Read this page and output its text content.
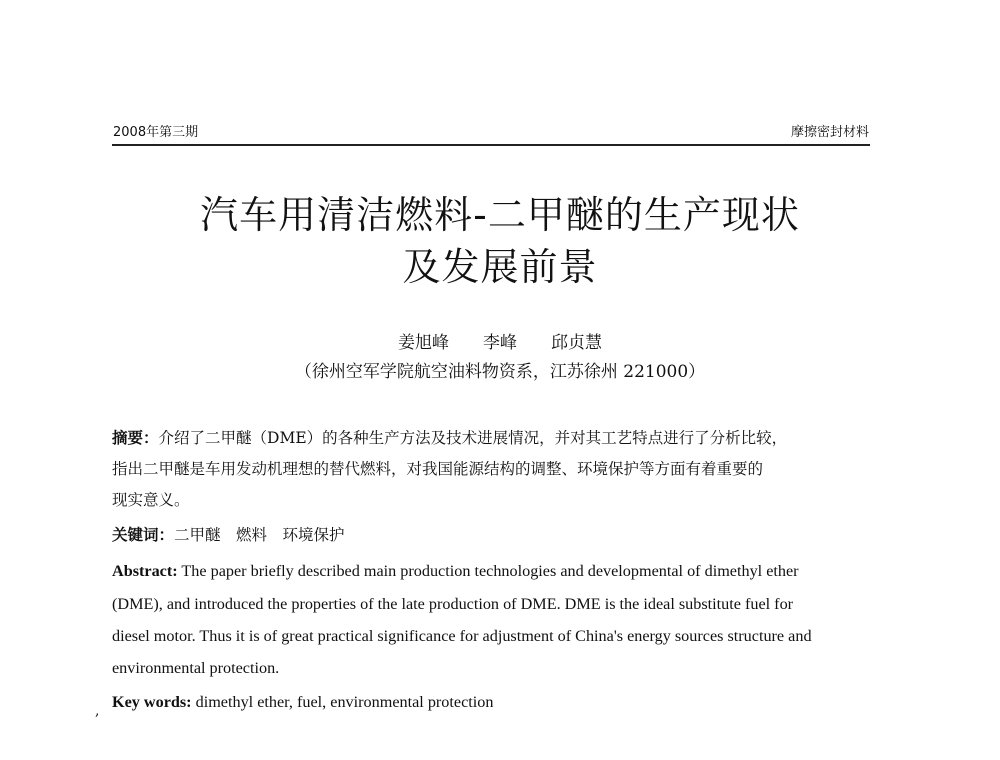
2008年第三期	摩擦密封材料
汽车用清洁燃料-二甲醚的生产现状
及发展前景
姜旭峰　　李峰　　邱贞慧
（徐州空军学院航空油料物资系，江苏徐州 221000）
摘要：介绍了二甲醚（DME）的各种生产方法及技术进展情况，并对其工艺特点进行了分析比较，
指出二甲醚是车用发动机理想的替代燃料，对我国能源结构的调整、环境保护等方面有着重要的
现实意义。
关键词：二甲醚　燃料　环境保护
Abstract: The paper briefly described main production technologies and developmental of dimethyl ether
(DME), and introduced the properties of the late production of DME. DME is the ideal substitute fuel for
diesel motor. Thus it is of great practical significance for adjustment of China's energy sources structure and
environmental protection.
, Key words: dimethyl ether, fuel, environmental protection
